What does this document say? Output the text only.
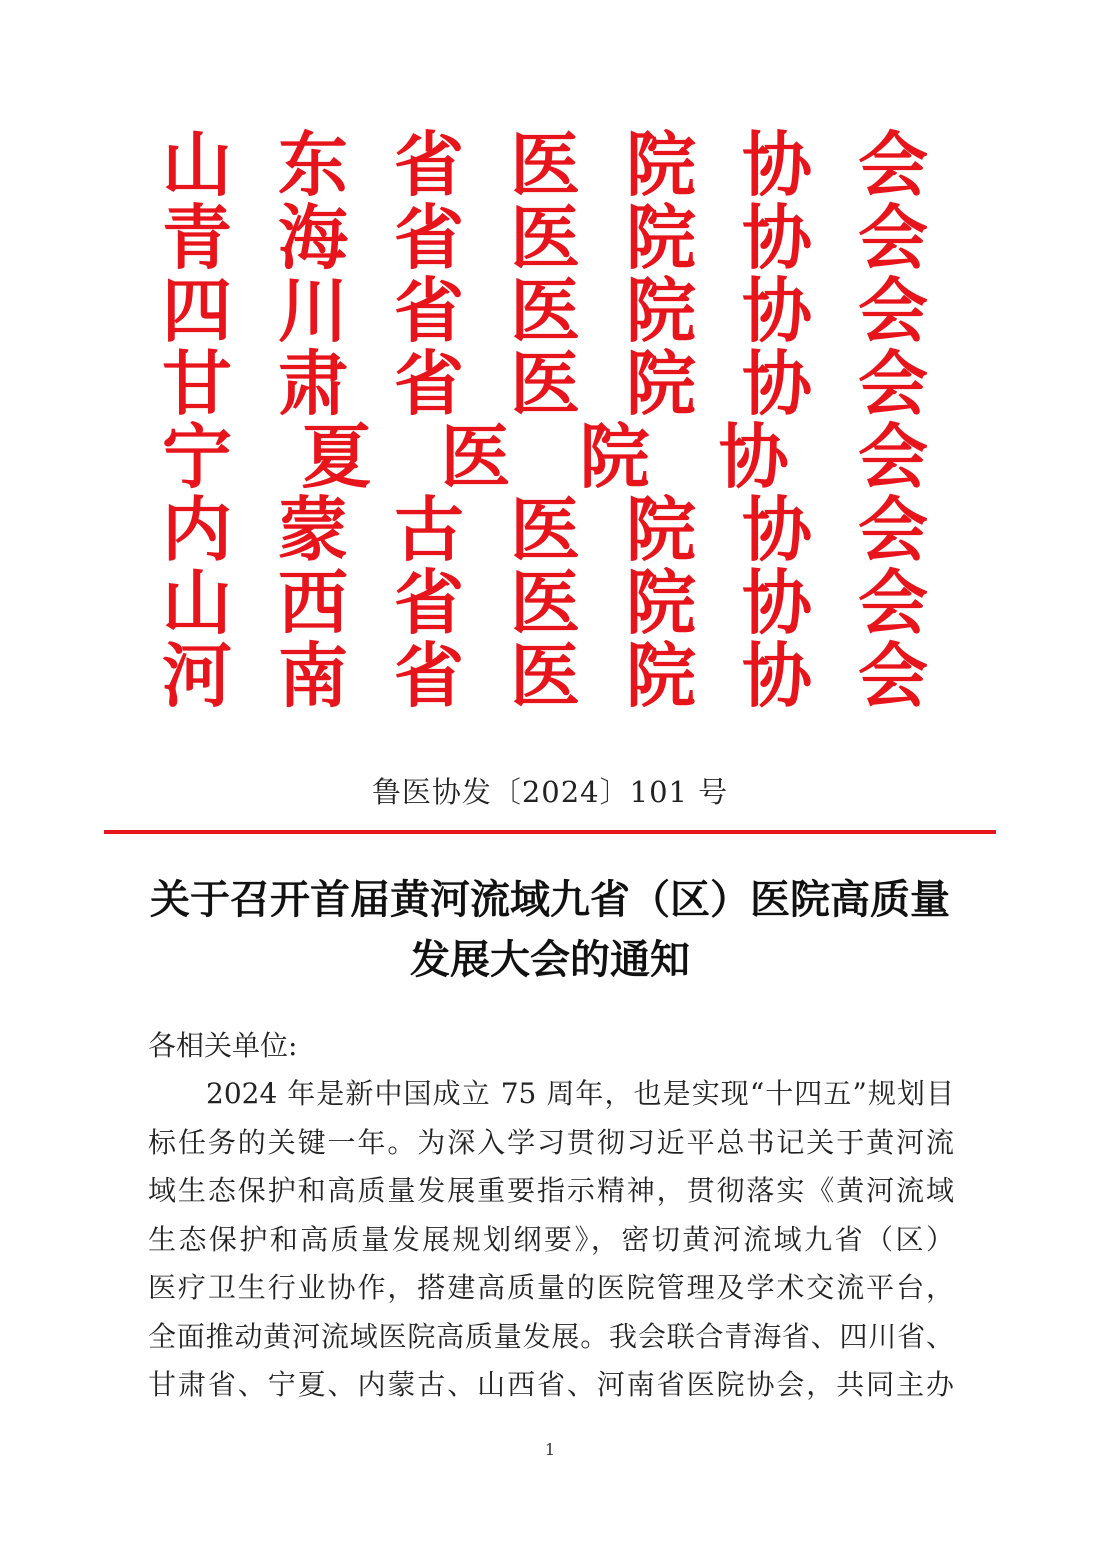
山 东 省 医 院 协 会
青 海 省 医 院 协 会
四 川 省 医 院 协 会
甘 肃 省 医 院 协 会
宁 夏 医 院 协 会
内 蒙 古 医 院 协 会
山 西 省 医 院 协 会
河 南 省 医 院 协 会
鲁医协发〔2024〕101 号
关于召开首届黄河流域九省（区）医院高质量
发展大会的通知
各相关单位:
2024 年是新中国成立 75 周年，也是实现“十四五”规划目
标任务的关键一年。为深入学习贯彻习近平总书记关于黄河流
域生态保护和高质量发展重要指示精神，贯彻落实《黄河流域
生态保护和高质量发展规划纲要》，密切黄河流域九省（区）
医疗卫生行业协作，搭建高质量的医院管理及学术交流平台，
全面推动黄河流域医院高质量发展。我会联合青海省、四川省、
甘肃省、宁夏、内蒙古、山西省、河南省医院协会，共同主办
1
